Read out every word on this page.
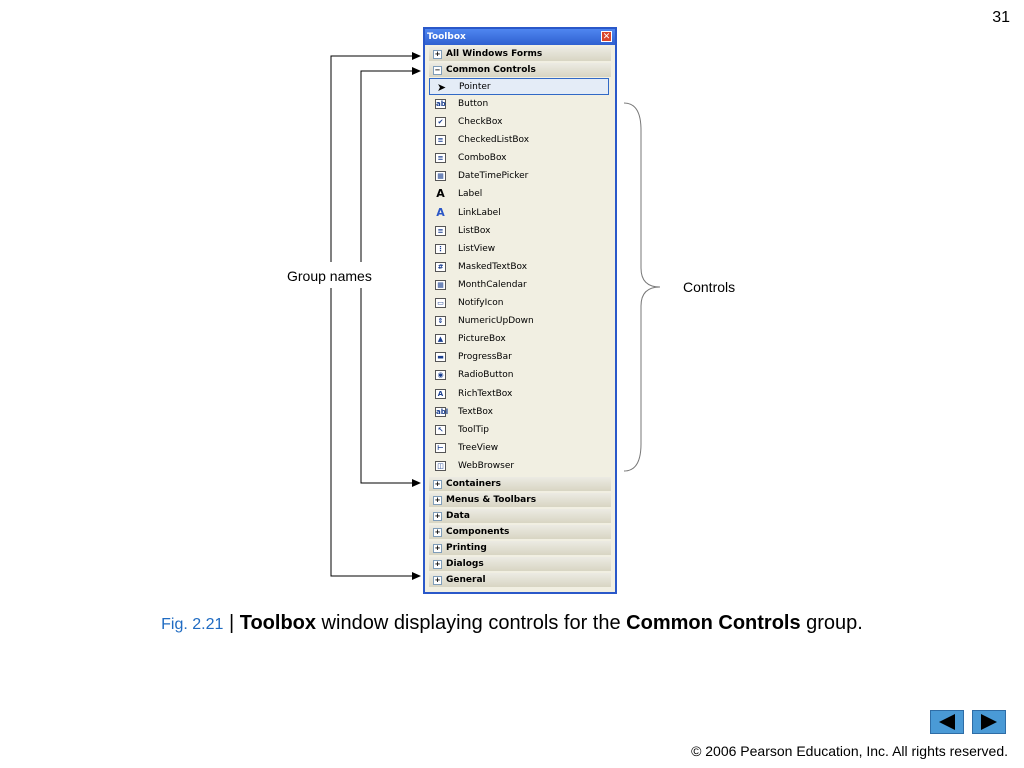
31
Group names
Controls
Toolbox	✕
+ All Windows Forms
− Common Controls
➤ Pointer
ab Button
✔ CheckBox
≡ CheckedListBox
≡ ComboBox
▦ DateTimePicker
A Label
A LinkLabel
≡ ListBox
⋮ ListView
# MaskedTextBox
▦ MonthCalendar
▭ NotifyIcon
⇕ NumericUpDown
▲	PictureBox
▬ ProgressBar
◉ RadioButton
A	RichTextBox
abl TextBox
↖ ToolTip
⊢ TreeView
◫ WebBrowser
+ Containers
+ Menus & Toolbars
+ Data
+ Components
+ Printing
+ Dialogs
+ General
Fig. 2.21 | Toolbox window displaying controls for the Common Controls group.
© 2006 Pearson Education, Inc. All rights reserved.
